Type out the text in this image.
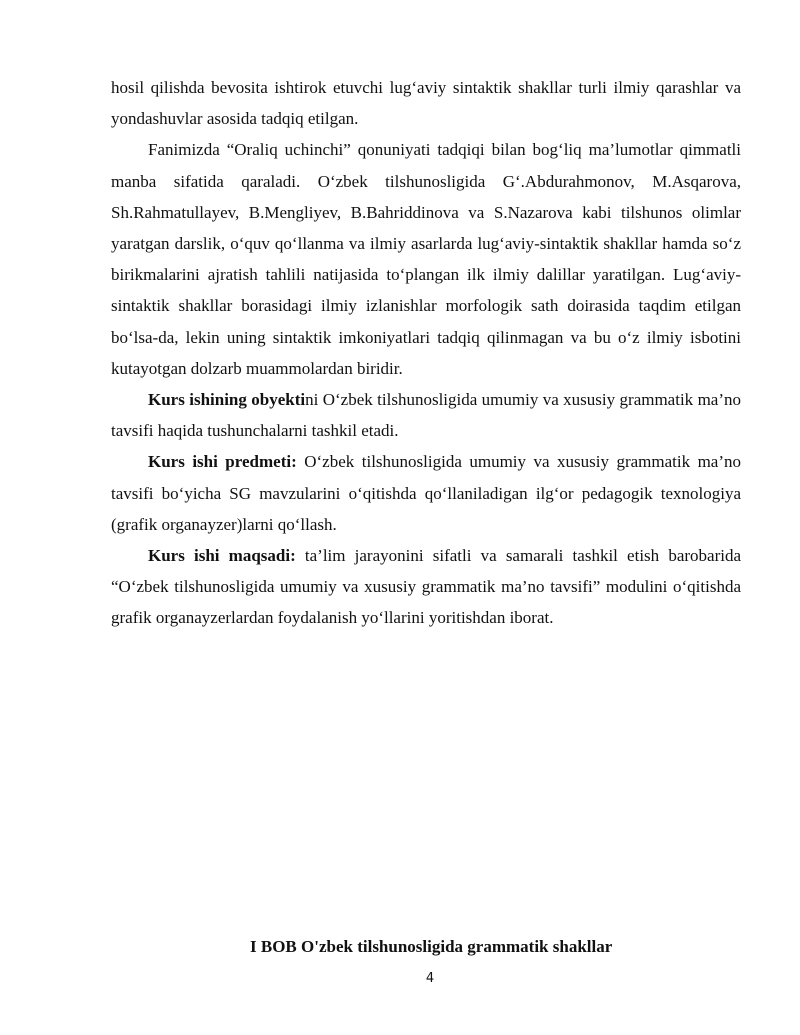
hosil qilishda bevosita ishtirok etuvchi lug‘aviy sintaktik shakllar turli ilmiy qarashlar va yondashuvlar asosida tadqiq etilgan.

Fanimizda “Oraliq uchinchi” qonuniyati tadqiqi bilan bog‘liq ma’lumotlar qimmatli manba sifatida qaraladi. O‘zbek tilshunosligida G‘.Abdurahmonov, M.Asqarova, Sh.Rahmatullayev, B.Mengliyev, B.Bahriddinova va S.Nazarova kabi tilshunos olimlar yaratgan darslik, o‘quv qo‘llanma va ilmiy asarlarda lug‘aviy-sintaktik shakllar hamda so‘z birikmalarini ajratish tahlili natijasida to‘plangan ilk ilmiy dalillar yaratilgan. Lug‘aviy-sintaktik shakllar borasidagi ilmiy izlanishlar morfologik sath doirasida taqdim etilgan bo‘lsa-da, lekin uning sintaktik imkoniyatlari tadqiq qilinmagan va bu o‘z ilmiy isbotini kutayotgan dolzarb muammolardan biridir.

Kurs ishining obyektini O‘zbek tilshunosligida umumiy va xususiy grammatik ma’no tavsifi haqida tushunchalarni tashkil etadi.

Kurs ishi predmeti: O‘zbek tilshunosligida umumiy va xususiy grammatik ma’no tavsifi bo‘yicha SG mavzularini o‘qitishda qo‘llaniladigan ilg‘or pedagogik texnologiya (grafik organayzer)larni qo‘llash.

Kurs ishi maqsadi: ta’lim jarayonini sifatli va samarali tashkil etish barobarida “O‘zbek tilshunosligida umumiy va xususiy grammatik ma’no tavsifi” modulini o‘qitishda grafik organayzerlardan foydalanish yo‘llarini yoritishdan iborat.

I BOB O'zbek tilshunosligida grammatik shakllar
4
